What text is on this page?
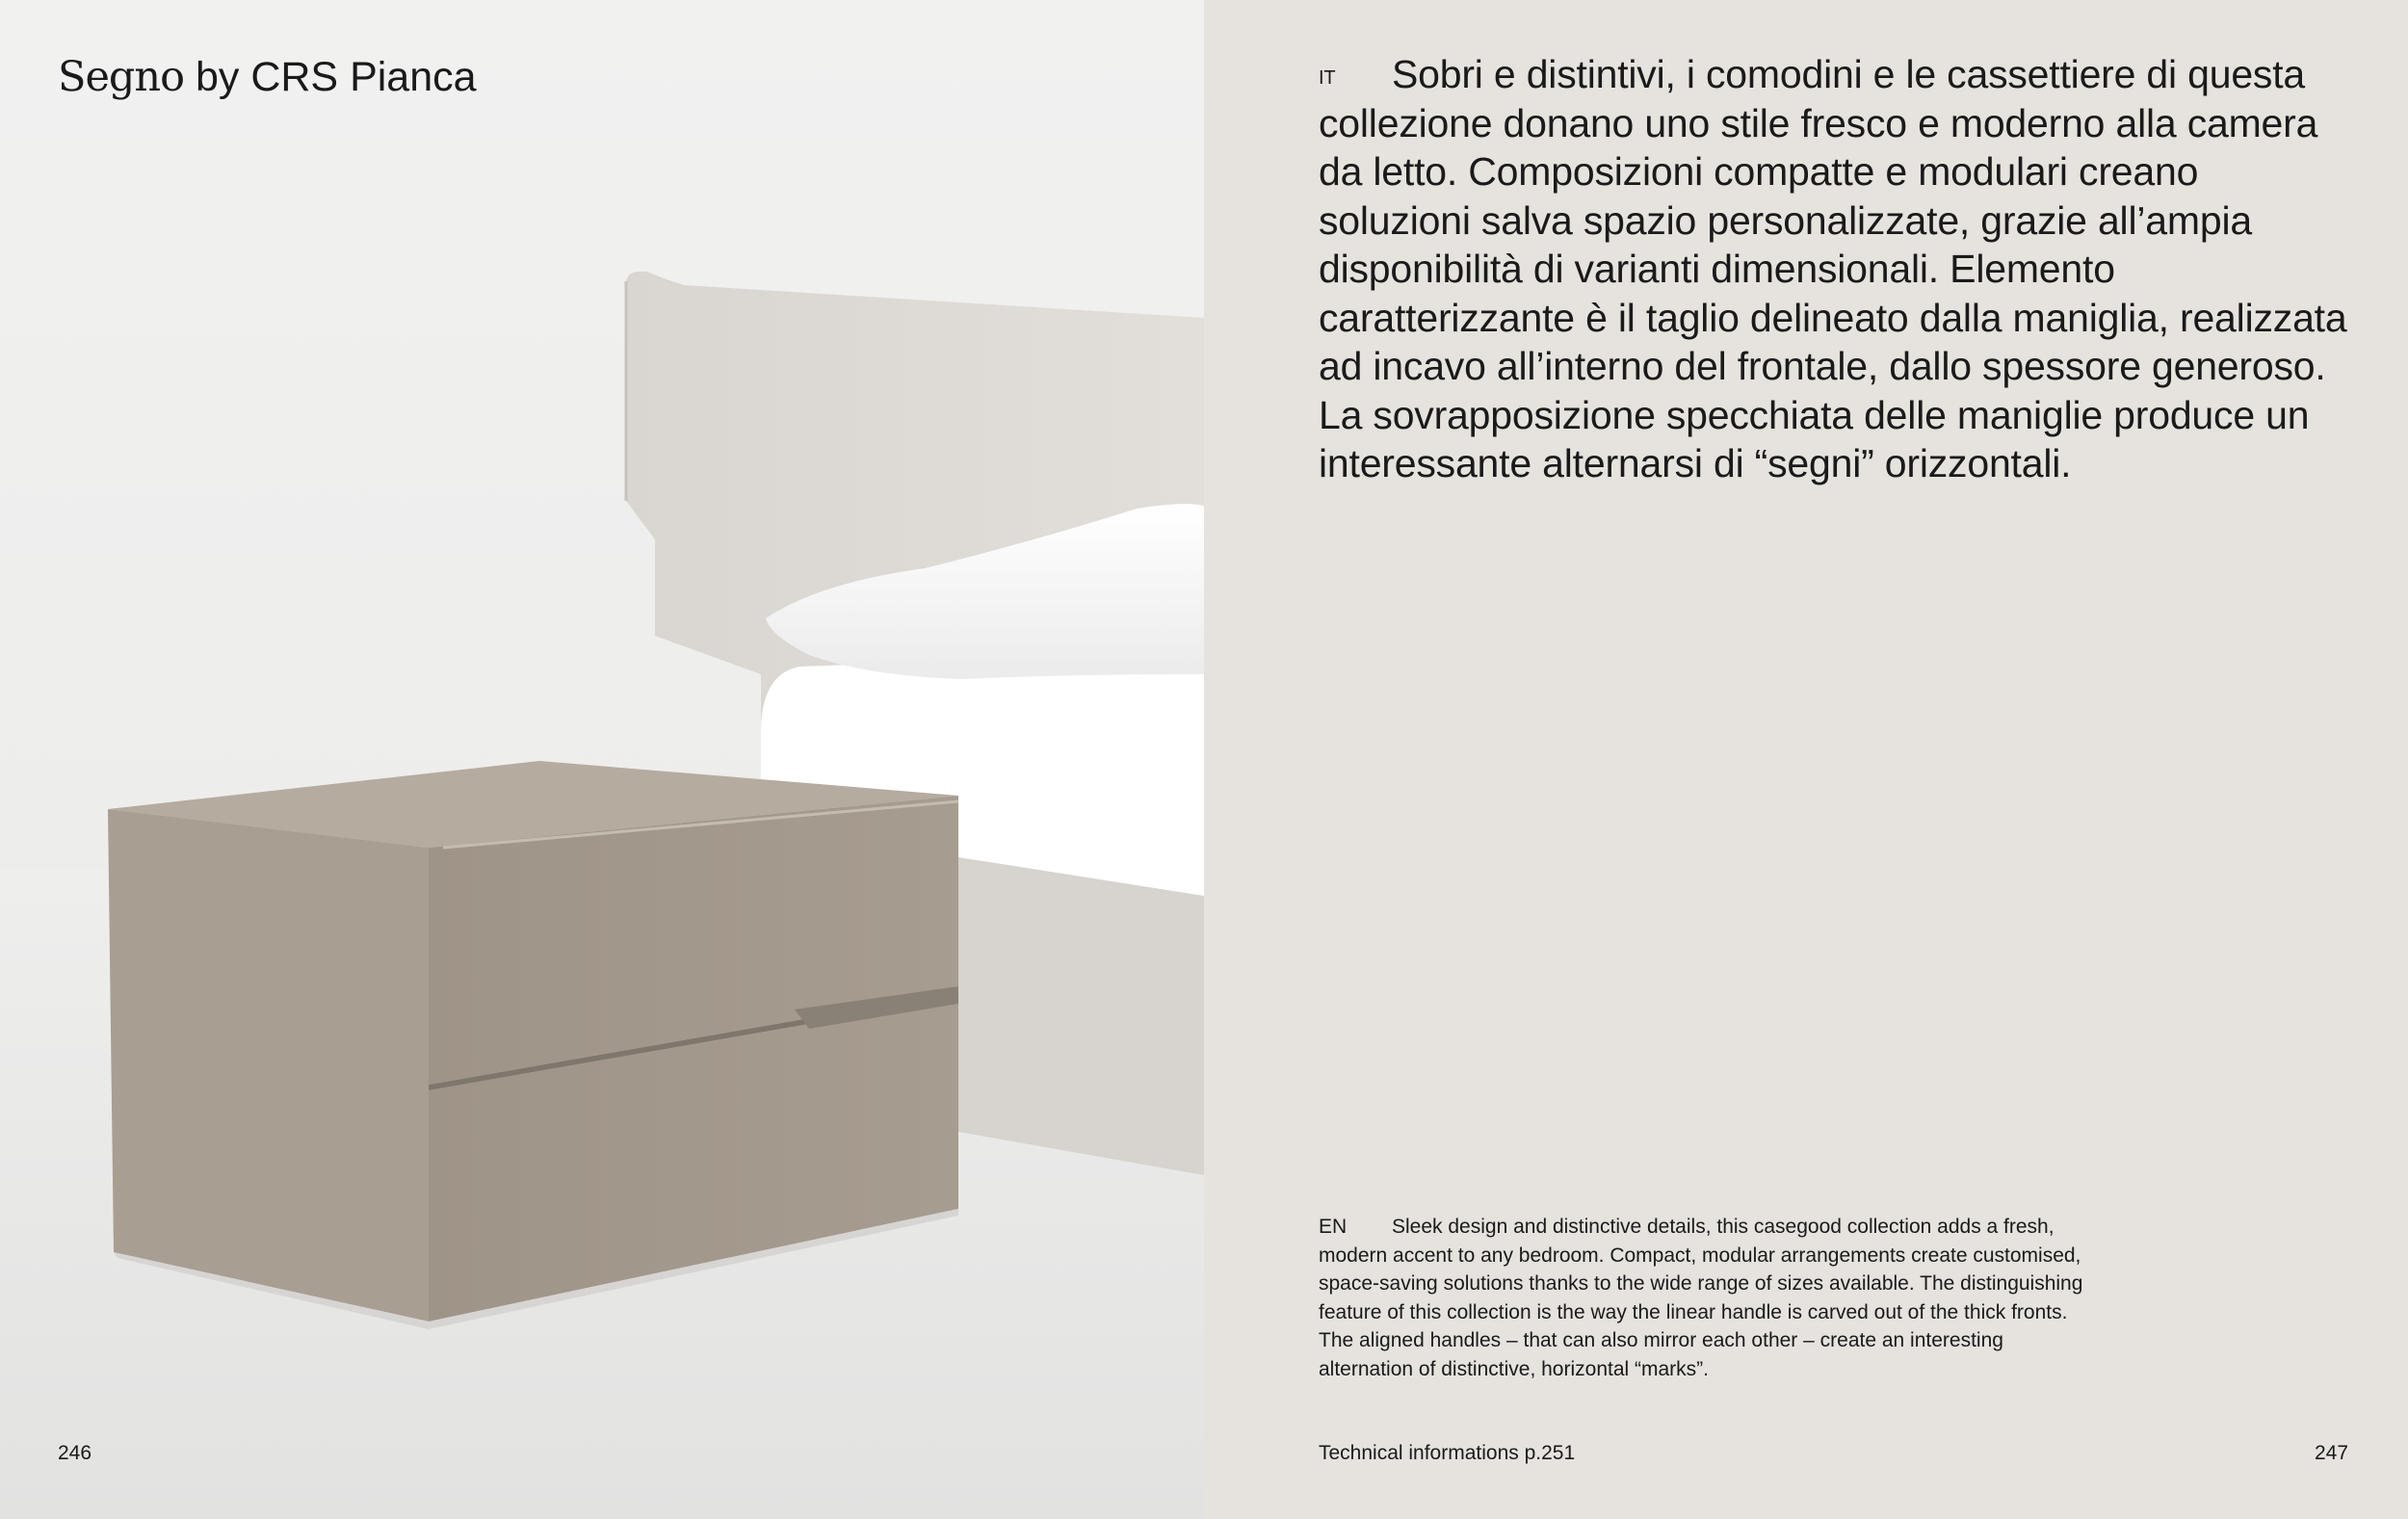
Segno by CRS Pianca
246

IT Sobri e distintivi, i comodini e le cassettiere di questa collezione donano uno stile fresco e moderno alla camera da letto. Composizioni compatte e modulari creano soluzioni salva spazio personalizzate, grazie all’ampia disponibilità di varianti dimensionali. Elemento caratterizzante è il taglio delineato dalla maniglia, realizzata ad incavo all’interno del frontale, dallo spessore generoso. La sovrapposizione specchiata delle maniglie produce un interessante alternarsi di “segni” orizzontali.

EN Sleek design and distinctive details, this casegood collection adds a fresh, modern accent to any bedroom. Compact, modular arrangements create customised, space-saving solutions thanks to the wide range of sizes available. The distinguishing feature of this collection is the way the linear handle is carved out of the thick fronts. The aligned handles – that can also mirror each other – create an interesting alternation of distinctive, horizontal “marks”.

Technical informations p.251	247
